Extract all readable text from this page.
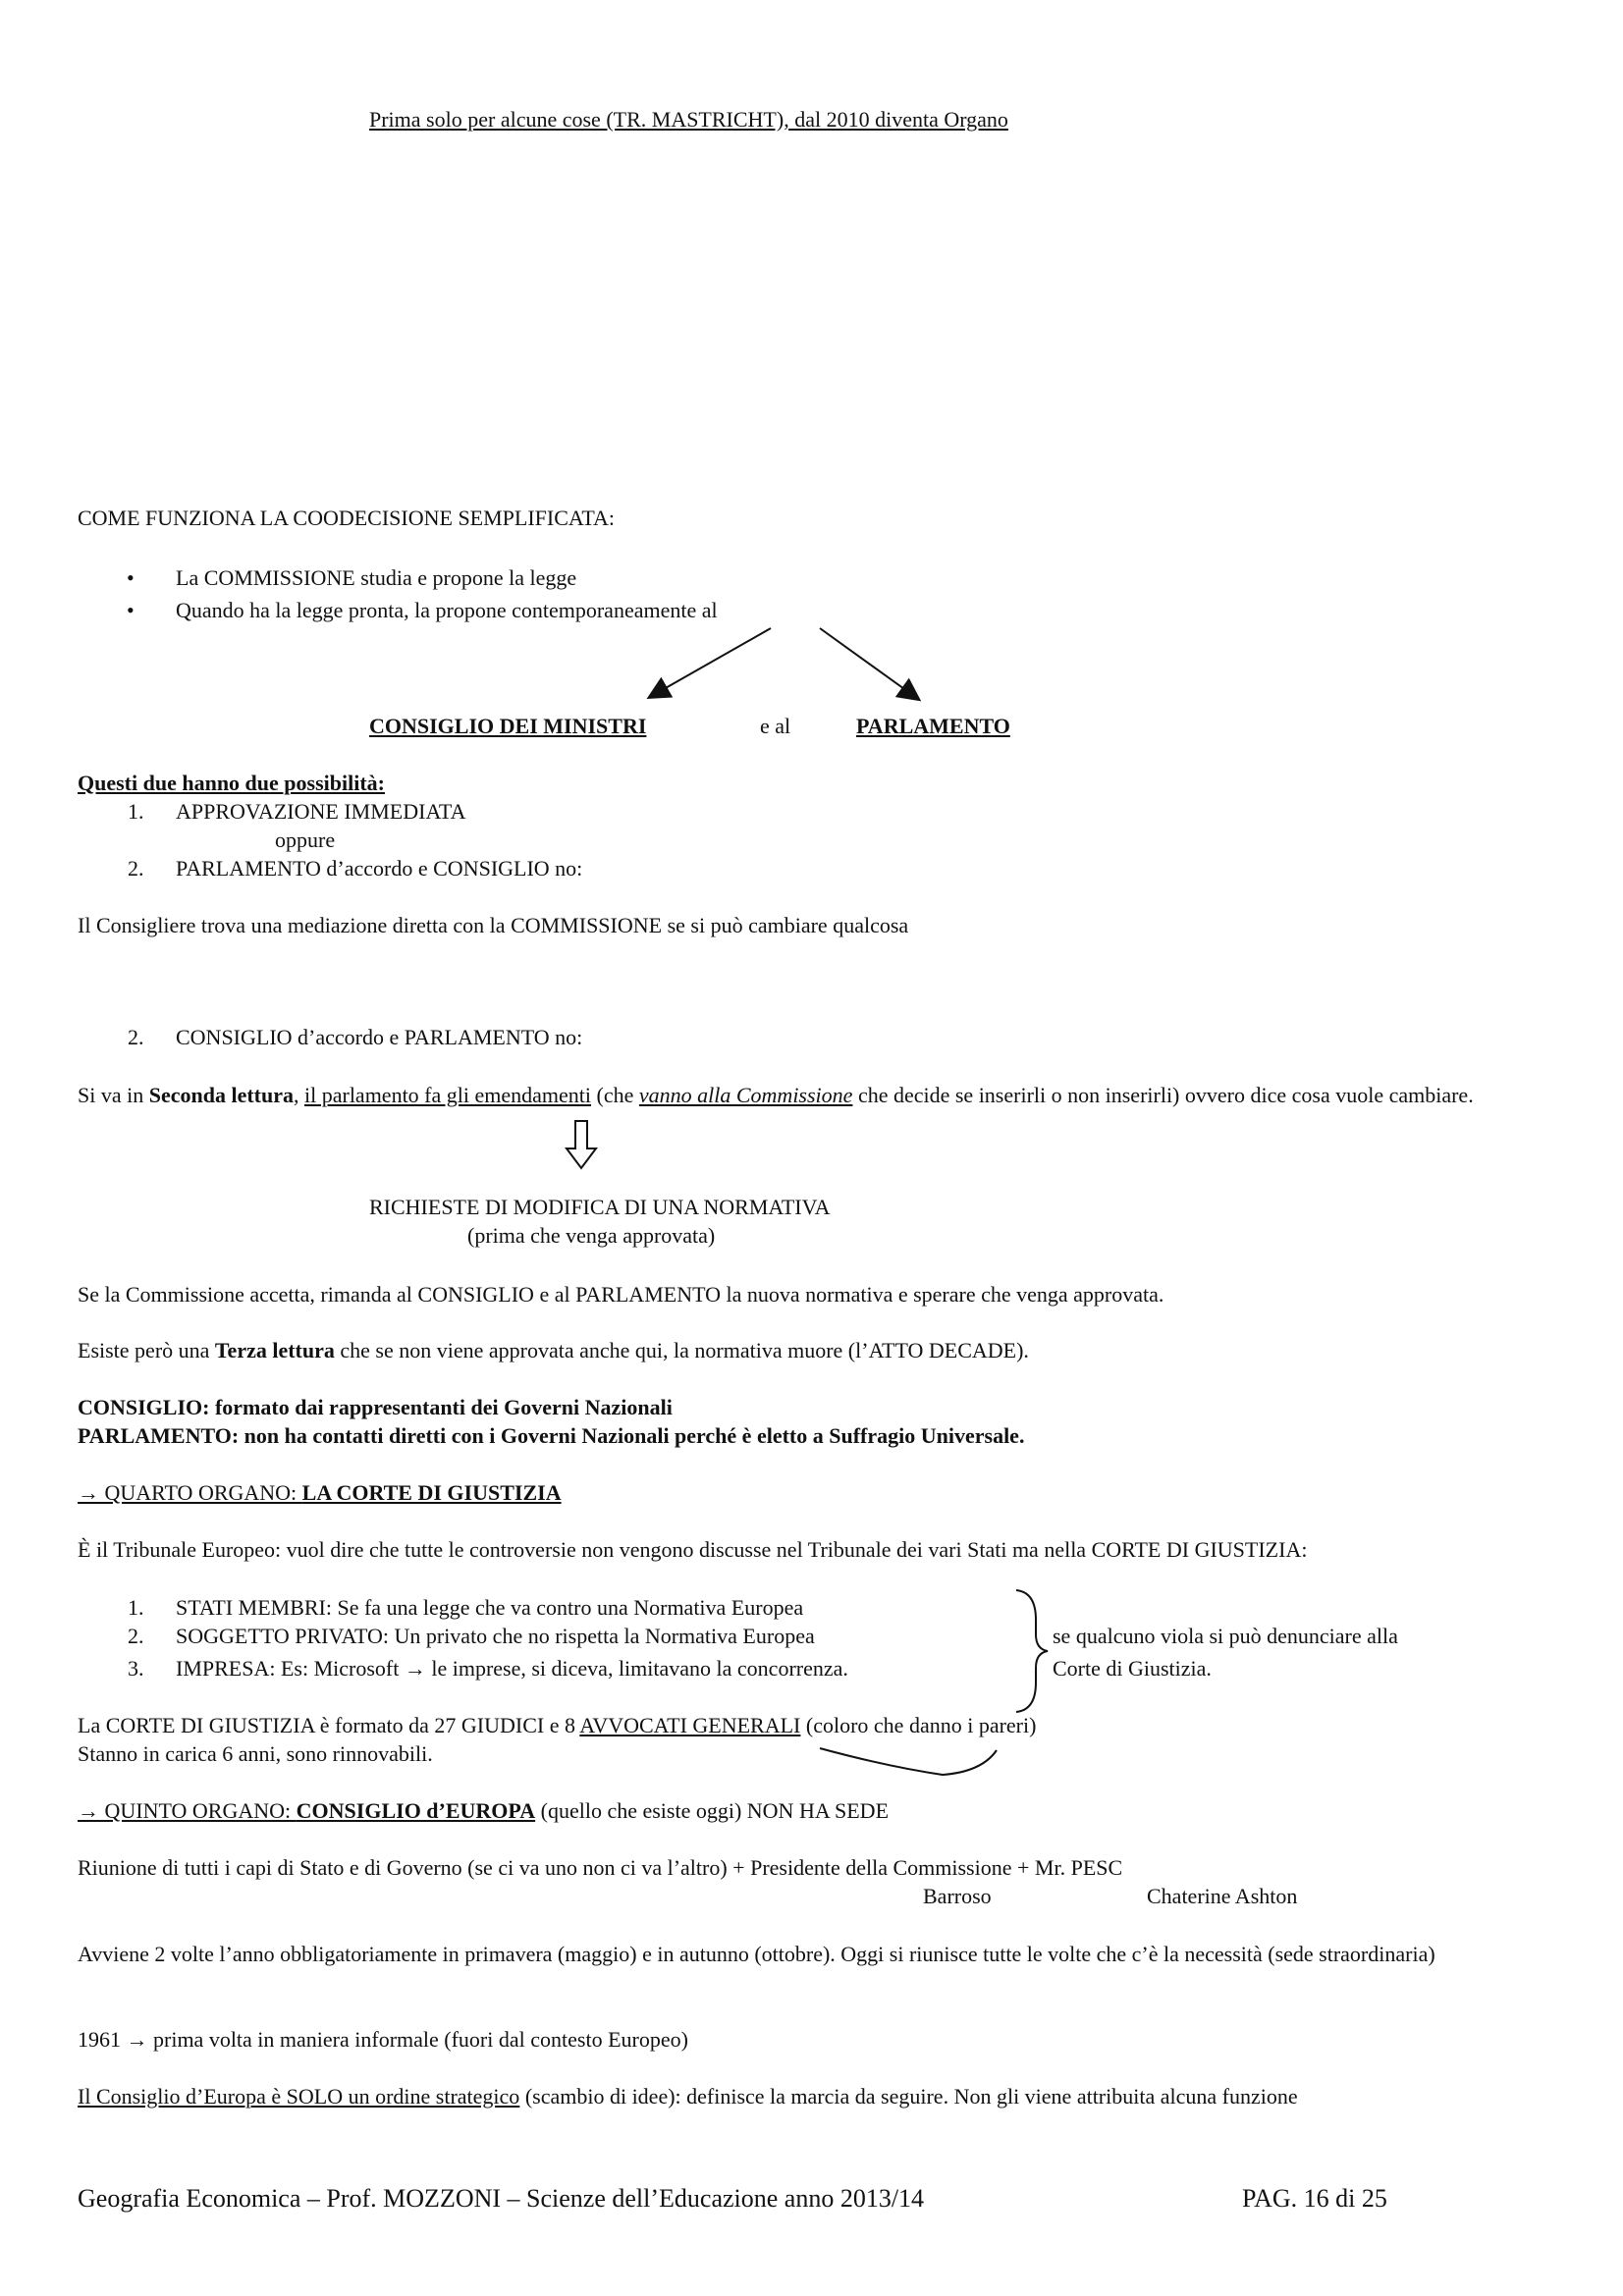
Prima solo per alcune cose (TR. MASTRICHT), dal 2010 diventa Organo
COME FUNZIONA LA COODECISIONE SEMPLIFICATA:
• La COMMISSIONE studia e propone la legge
• Quando ha la legge pronta, la propone contemporaneamente al
CONSIGLIO DEI MINISTRI	e al	PARLAMENTO
Questi due hanno due possibilità:
1. APPROVAZIONE IMMEDIATA
oppure
2. PARLAMENTO d’accordo e CONSIGLIO no:
Il Consigliere trova una mediazione diretta con la COMMISSIONE se si può cambiare qualcosa
2. CONSIGLIO d’accordo e PARLAMENTO no:
Si va in Seconda lettura, il parlamento fa gli emendamenti (che vanno alla Commissione che decide se inserirli o non inserirli) ovvero dice cosa vuole cambiare.
RICHIESTE DI MODIFICA DI UNA NORMATIVA
(prima che venga approvata)
Se la Commissione accetta, rimanda al CONSIGLIO e al PARLAMENTO la nuova normativa e sperare che venga approvata.
Esiste però una Terza lettura che se non viene approvata anche qui, la normativa muore (l’ATTO DECADE).
CONSIGLIO: formato dai rappresentanti dei Governi Nazionali
PARLAMENTO: non ha contatti diretti con i Governi Nazionali perché è eletto a Suffragio Universale.
→ QUARTO ORGANO: LA CORTE DI GIUSTIZIA
È il Tribunale Europeo: vuol dire che tutte le controversie non vengono discusse nel Tribunale dei vari Stati ma nella CORTE DI GIUSTIZIA:
1. STATI MEMBRI: Se fa una legge che va contro una Normativa Europea
2. SOGGETTO PRIVATO: Un privato che no rispetta la Normativa Europea
3. IMPRESA: Es: Microsoft → le imprese, si diceva, limitavano la concorrenza.
se qualcuno viola si può denunciare alla
Corte di Giustizia.
La CORTE DI GIUSTIZIA è formato da 27 GIUDICI e 8 AVVOCATI GENERALI (coloro che danno i pareri)
Stanno in carica 6 anni, sono rinnovabili.
→ QUINTO ORGANO: CONSIGLIO d’EUROPA (quello che esiste oggi) NON HA SEDE
Riunione di tutti i capi di Stato e di Governo (se ci va uno non ci va l’altro) + Presidente della Commissione + Mr. PESC
Barroso	Chaterine Ashton
Avviene 2 volte l’anno obbligatoriamente in primavera (maggio) e in autunno (ottobre). Oggi si riunisce tutte le volte che c’è la necessità (sede straordinaria)
1961 → prima volta in maniera informale (fuori dal contesto Europeo)
Il Consiglio d’Europa è SOLO un ordine strategico (scambio di idee): definisce la marcia da seguire. Non gli viene attribuita alcuna funzione
Geografia Economica – Prof. MOZZONI – Scienze dell’Educazione anno 2013/14	PAG. 16 di 25
